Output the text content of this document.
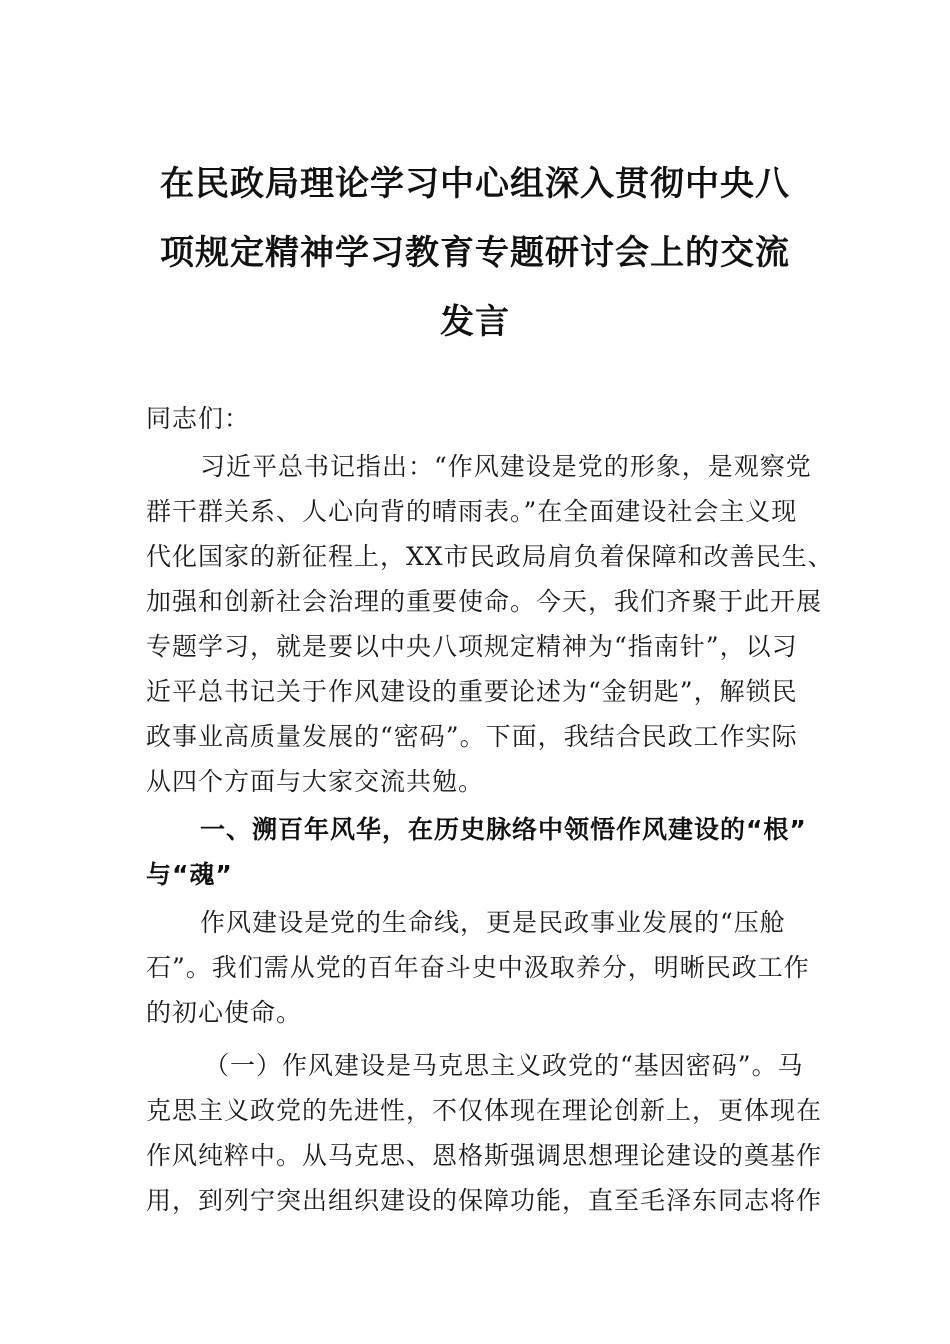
在民政局理论学习中心组深入贯彻中央八
项规定精神学习教育专题研讨会上的交流
发言
同志们：
习近平总书记指出：“作风建设是党的形象，是观察党
群干群关系、人心向背的晴雨表。”在全面建设社会主义现
代化国家的新征程上，XX市民政局肩负着保障和改善民生、
加强和创新社会治理的重要使命。今天，我们齐聚于此开展
专题学习，就是要以中央八项规定精神为“指南针”，以习
近平总书记关于作风建设的重要论述为“金钥匙”，解锁民
政事业高质量发展的“密码”。下面，我结合民政工作实际
从四个方面与大家交流共勉。
一、溯百年风华，在历史脉络中领悟作风建设的“根”
与“魂”
作风建设是党的生命线，更是民政事业发展的“压舱
石”。我们需从党的百年奋斗史中汲取养分，明晰民政工作
的初心使命。
（一）作风建设是马克思主义政党的“基因密码”。马
克思主义政党的先进性，不仅体现在理论创新上，更体现在
作风纯粹中。从马克思、恩格斯强调思想理论建设的奠基作
用，到列宁突出组织建设的保障功能，直至毛泽东同志将作
